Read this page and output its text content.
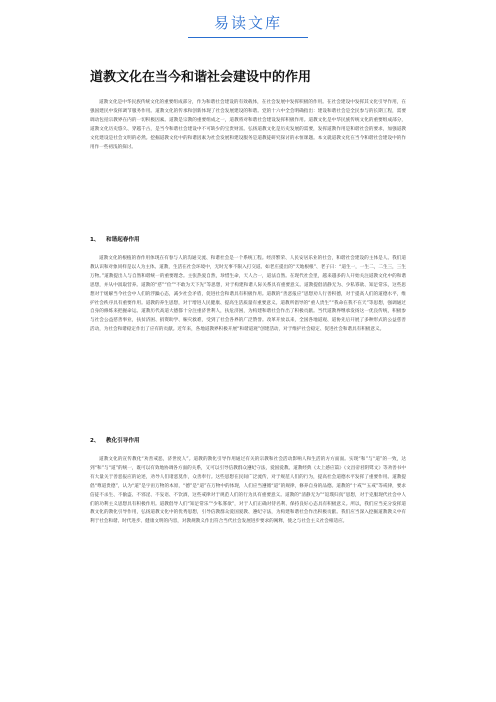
易读文库
道教文化在当今和谐社会建设中的作用

道教文化是中华民族传统文化的重要组成部分，作为和谐社会建设的有效载体，在社会发展中发挥积极的作用。在社会建设中发挥其文化引导作用，在强国建民中发挥调节服务作用。道教文化的传承和创新体现了社会发展建设的和谐。党的十六中全会明确指出：建设和谐社会是全民参与的长期工程，需要调动包括宗教界在内的一切积极因素。道教是宗教的重要组成之一，道教将对和谐社会建设发挥积极作用。道教文化是中华民族传统文化的重要组成部分，道教文化历史悠久、穿越千古，是当今和谐社会建设中不可缺少的宝贵财富。弘扬道教文化是历史发展的需要，发挥道教作用是和谐社会的要求，加强道教文化建设是社会文明的必然。挖掘道教文化中的和谐因素为社会发展和建设服务是道教徒研究探讨的永恒课题。本文就道教文化在当今和谐社会建设中的作用作一些初浅的探讨。

1、 和谐起春作用

道教文化的根植的春作用体现在有春与人的沟通交流、和谐社会是一个系统工程。经济繁荣、人民安居乐业的社会，和谐社会建设的主体是人。我们道教认识和对象同样是以人为主体。道教，生活在社会环境中，无时无事不限入打交道。如老庄提出的“天地根根”、老子曰：“道生一，一生二，二生三，三生万物。”道教提出人与自然和谐统一的重要理念。主张热爱自然，珍惜生命，天人合一，道法自然。在现代社会里，越来越多的人开始关注道教文化中的和谐思想，并从中汲取营养。道教的“慈”“俭”“不敢为天下先”等思想，对于构建和谐人际关系具有重要意义。道教提倡清静无为、少私寡欲、知足常乐，这些思想对于缓解当今社会中人们的浮躁心态，减少社会矛盾，促进社会和谐具有积极作用。道教的“善恶报应”思想劝人行善积德，对于提高人们的道德水平，维护社会秩序具有重要作用。道教的养生思想，对于增进人民健康、提高生活质量有重要意义。道教所倡导的“重人贵生”“我命在我不在天”等思想，强调通过自身的修炼来把握命运。道教历代高道大德都十分注重济世利人，扶危济困，为构建和谐社会作出了积极贡献。当代道教界继承发扬这一优良传统，积极参与社会公益慈善事业，扶贫济困、捐资助学、赈灾救难，受到了社会各界的广泛赞誉。改革开放以来，全国各地道观、道协先后开展了多种形式的公益慈善活动，为社会和谐稳定作出了应有的贡献。近年来，各地道教界积极开展“和谐道观”创建活动，对于维护社会稳定、促进社会和谐具有积极意义。

2、 教化引导作用

道教文化的宣传教化“劝善戒恶，济世度人”。道教的教化引导作用通过有关的宗教和社会活动影响人和生活的方方面面。实现“和”与“道”的一致，达到“和”与“道”的统一，既可以有效地协调各方面的关系，又可以引导信教群众遵纪守法，爱国爱教。道教经典《太上感应篇》《文昌帝君阴骘文》等劝善书中有大量关于善恶报应的论述，劝导人们诸恶莫作，众善奉行。这些思想在民间广泛流传，对于规范人们的行为，提高社会道德水平发挥了重要作用。道教提倡“尊道贵德”，认为“道”是宇宙万物的本原，“德”是“道”在万物中的体现，人们应当遵循“道”的规律，修养自身的品德。道教的“十戒”“五戒”等戒律，要求信徒不杀生、不偷盗、不邪淫、不妄语、不饮酒，这些戒律对于规范人们的行为具有重要意义。道教的“清静无为”“返璞归真”思想，对于克服现代社会中人们的功利主义思想具有积极作用。道教倡导人们“知足常乐”“少私寡欲”，对于人们正确对待名利、保持良好心态具有积极意义。所以，我们应当充分发挥道教文化的教化引导作用，弘扬道教文化中的优秀思想，引导信教群众爱国爱教、遵纪守法，为构建和谐社会作出积极贡献。我们应当深入挖掘道教教义中有利于社会和谐、时代进步、健康文明的内容，对教规教义作出符合当代社会发展进步要求的阐释，使之与社会主义社会相适应。
